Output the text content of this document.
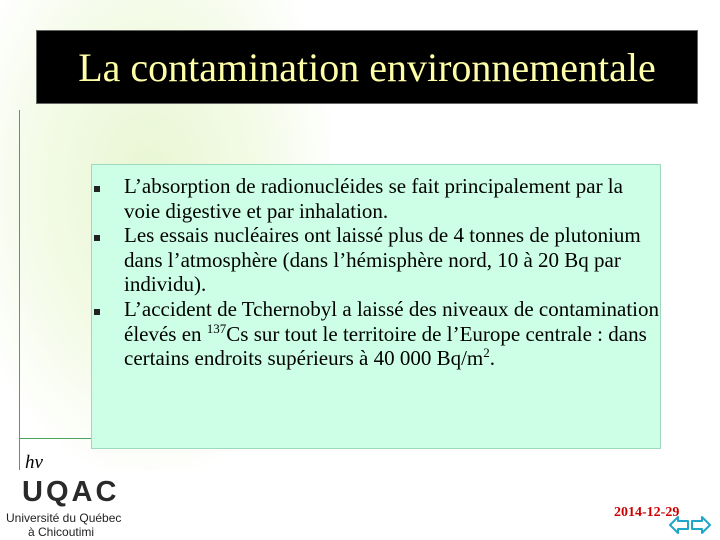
La contamination environnementale
L’absorption de radionucléides se fait principalement par la voie digestive et par inhalation.
Les essais nucléaires ont laissé plus de 4 tonnes de plutonium dans l’atmosphère (dans l’hémisphère nord, 10 à 20 Bq par individu).
L’accident de Tchernobyl a laissé des niveaux de contamination élevés en $^{137}$Cs sur tout le territoire de l’Europe centrale : dans certains endroits supérieurs à 40 000 $Bq/m^2$.
hν
UQAC
Université du Québec
à Chicoutimi
2014-12-29
